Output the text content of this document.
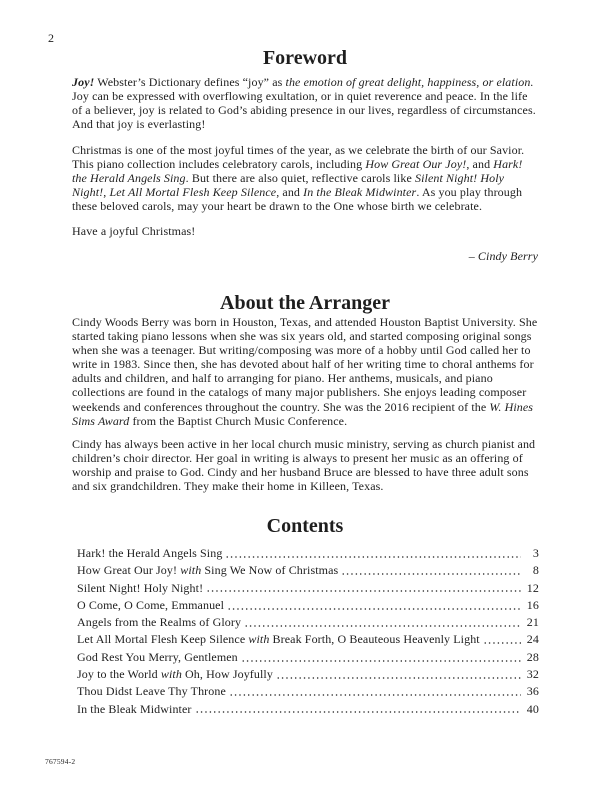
2
Foreword

Joy! Webster’s Dictionary defines “joy” as the emotion of great delight, happiness, or elation. Joy can be expressed with overflowing exultation, or in quiet reverence and peace. In the life of a believer, joy is related to God’s abiding presence in our lives, regardless of circumstances. And that joy is everlasting!

Christmas is one of the most joyful times of the year, as we celebrate the birth of our Savior. This piano collection includes celebratory carols, including How Great Our Joy!, and Hark! the Herald Angels Sing. But there are also quiet, reflective carols like Silent Night! Holy Night!, Let All Mortal Flesh Keep Silence, and In the Bleak Midwinter. As you play through these beloved carols, may your heart be drawn to the One whose birth we celebrate.

Have a joyful Christmas!

– Cindy Berry
About the Arranger

Cindy Woods Berry was born in Houston, Texas, and attended Houston Baptist University. She started taking piano lessons when she was six years old, and started composing original songs when she was a teenager. But writing/composing was more of a hobby until God called her to write in 1983. Since then, she has devoted about half of her writing time to choral anthems for adults and children, and half to arranging for piano. Her anthems, musicals, and piano collections are found in the catalogs of many major publishers. She enjoys leading composer weekends and conferences throughout the country. She was the 2016 recipient of the W. Hines Sims Award from the Baptist Church Music Conference.

Cindy has always been active in her local church music ministry, serving as church pianist and children’s choir director. Her goal in writing is always to present her music as an offering of worship and praise to God. Cindy and her husband Bruce are blessed to have three adult sons and six grandchildren. They make their home in Killeen, Texas.

Contents
Hark! the Herald Angels Sing	3
How Great Our Joy! with Sing We Now of Christmas	8
Silent Night! Holy Night!	12
O Come, O Come, Emmanuel	16
Angels from the Realms of Glory	21
Let All Mortal Flesh Keep Silence with Break Forth, O Beauteous Heavenly Light	24
God Rest You Merry, Gentlemen	28
Joy to the World with Oh, How Joyfully	32
Thou Didst Leave Thy Throne	36
In the Bleak Midwinter	40
767594-2
